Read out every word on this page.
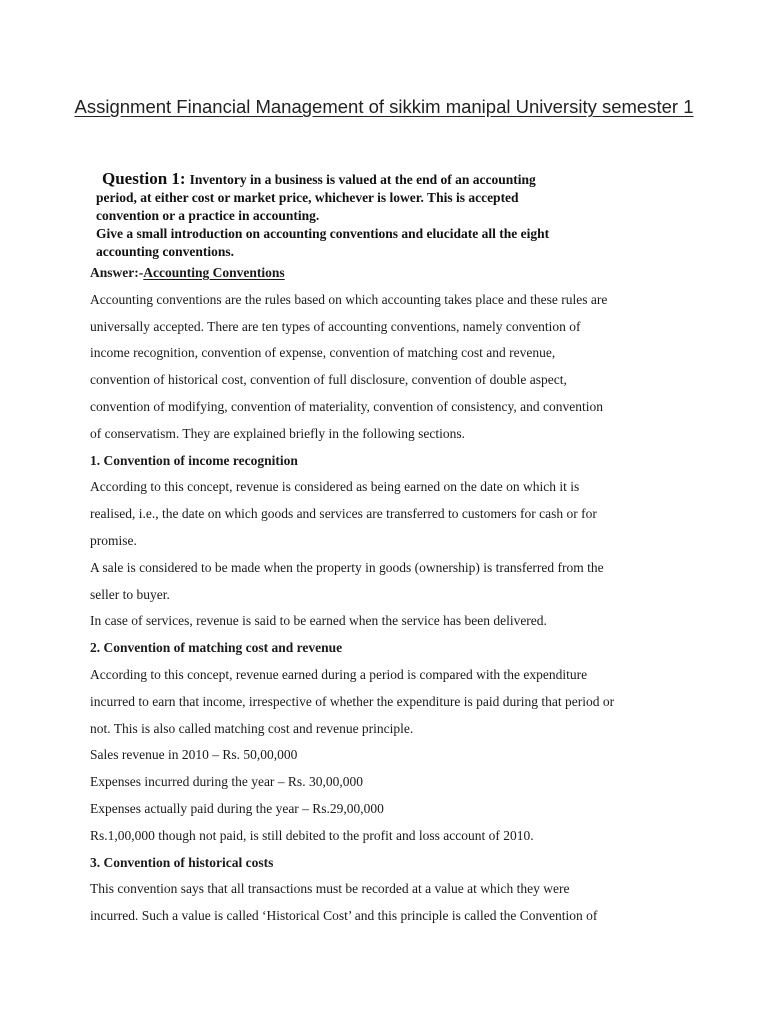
Assignment Financial Management of sikkim manipal University semester 1
Question 1: Inventory in a business is valued at the end of an accounting
period, at either cost or market price, whichever is lower. This is accepted
convention or a practice in accounting.
Give a small introduction on accounting conventions and elucidate all the eight
accounting conventions.
Answer:-Accounting Conventions
Accounting conventions are the rules based on which accounting takes place and these rules are
universally accepted. There are ten types of accounting conventions, namely convention of
income recognition, convention of expense, convention of matching cost and revenue,
convention of historical cost, convention of full disclosure, convention of double aspect,
convention of modifying, convention of materiality, convention of consistency, and convention
of conservatism. They are explained briefly in the following sections.
1. Convention of income recognition
According to this concept, revenue is considered as being earned on the date on which it is
realised, i.e., the date on which goods and services are transferred to customers for cash or for
promise.
A sale is considered to be made when the property in goods (ownership) is transferred from the
seller to buyer.
In case of services, revenue is said to be earned when the service has been delivered.
2. Convention of matching cost and revenue
According to this concept, revenue earned during a period is compared with the expenditure
incurred to earn that income, irrespective of whether the expenditure is paid during that period or
not. This is also called matching cost and revenue principle.
Sales revenue in 2010 – Rs. 50,00,000
Expenses incurred during the year – Rs. 30,00,000
Expenses actually paid during the year – Rs.29,00,000
Rs.1,00,000 though not paid, is still debited to the profit and loss account of 2010.
3. Convention of historical costs
This convention says that all transactions must be recorded at a value at which they were
incurred. Such a value is called ‘Historical Cost’ and this principle is called the Convention of
